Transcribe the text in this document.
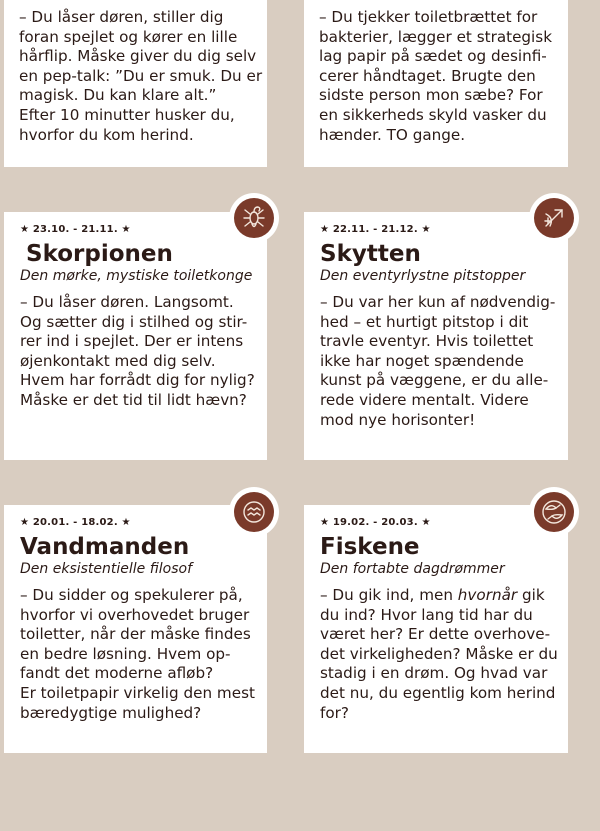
– Du låser døren, stiller dig
foran spejlet og kører en lille
hårflip. Måske giver du dig selv
en pep-talk: ”Du er smuk. Du er
magisk. Du kan klare alt.”
Efter 10 minutter husker du,
hvorfor du kom herind.
– Du tjekker toiletbrættet for
bakterier, lægger et strategisk
lag papir på sædet og desinfi-
cerer håndtaget. Brugte den
sidste person mon sæbe? For
en sikkerheds skyld vasker du
hænder. TO gange.
★ 23.10. - 21.11. ★
Skorpionen
Den mørke, mystiske toiletkonge
– Du låser døren. Langsomt.
Og sætter dig i stilhed og stir-
rer ind i spejlet. Der er intens
øjenkontakt med dig selv.
Hvem har forrådt dig for nylig?
Måske er det tid til lidt hævn?
★ 22.11. - 21.12. ★
Skytten
Den eventyrlystne pitstopper
– Du var her kun af nødvendig-
hed – et hurtigt pitstop i dit
travle eventyr. Hvis toilettet
ikke har noget spændende
kunst på væggene, er du alle-
rede videre mentalt. Videre
mod nye horisonter!
★ 20.01. - 18.02. ★
Vandmanden
Den eksistentielle filosof
– Du sidder og spekulerer på,
hvorfor vi overhovedet bruger
toiletter, når der måske findes
en bedre løsning. Hvem op-
fandt det moderne afløb?
Er toiletpapir virkelig den mest
bæredygtige mulighed?
★ 19.02. - 20.03. ★
Fiskene
Den fortabte dagdrømmer
– Du gik ind, men hvornår gik
du ind? Hvor lang tid har du
været her? Er dette overhove-
det virkeligheden? Måske er du
stadig i en drøm. Og hvad var
det nu, du egentlig kom herind
for?
